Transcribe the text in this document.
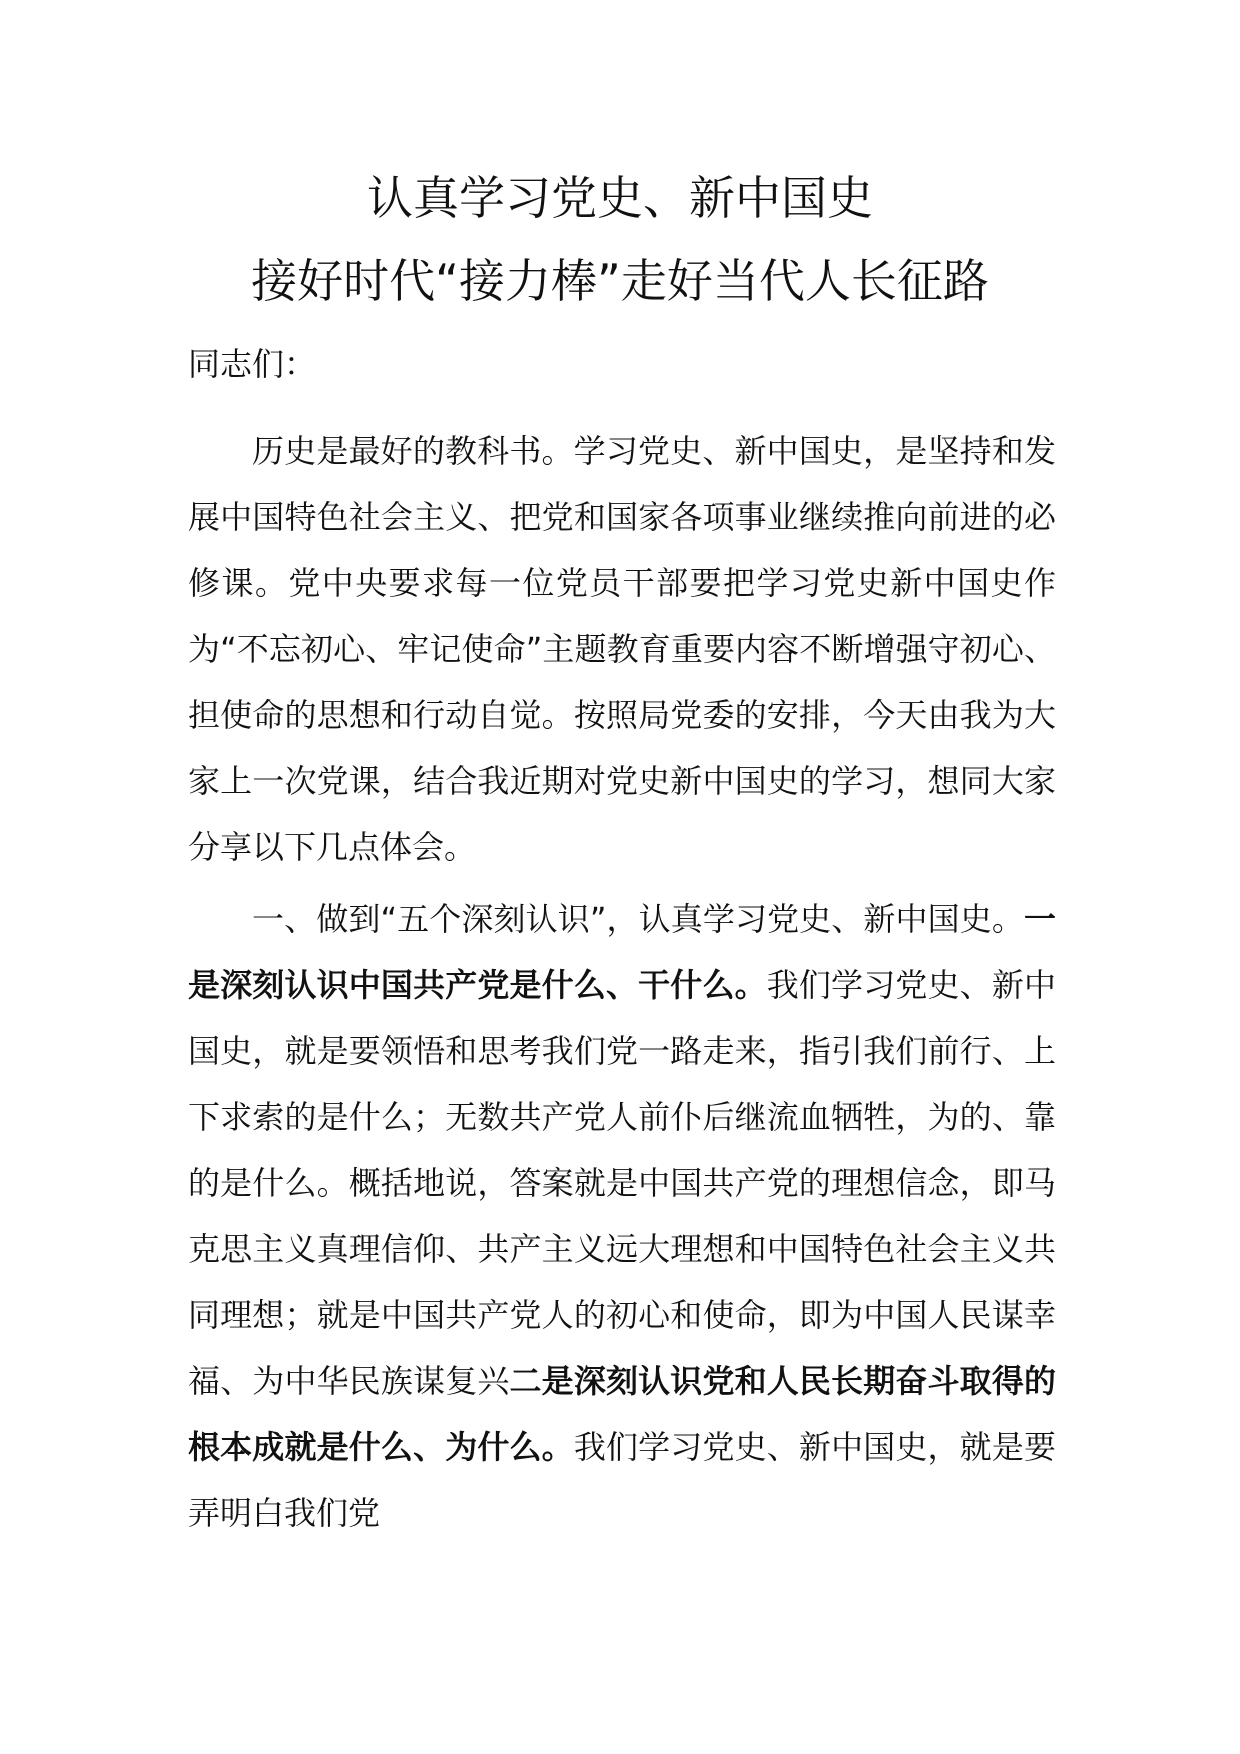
认真学习党史、新中国史
接好时代“接力棒”走好当代人长征路

同志们：

历史是最好的教科书。学习党史、新中国史，是坚持和发展中国特色社会主义、把党和国家各项事业继续推向前进的必修课。党中央要求每一位党员干部要把学习党史新中国史作为“不忘初心、牢记使命”主题教育重要内容不断增强守初心、担使命的思想和行动自觉。按照局党委的安排，今天由我为大家上一次党课，结合我近期对党史新中国史的学习，想同大家分享以下几点体会。

一、做到“五个深刻认识”，认真学习党史、新中国史。一是深刻认识中国共产党是什么、干什么。我们学习党史、新中国史，就是要领悟和思考我们党一路走来，指引我们前行、上下求索的是什么；无数共产党人前仆后继流血牺牲，为的、靠的是什么。概括地说，答案就是中国共产党的理想信念，即马克思主义真理信仰、共产主义远大理想和中国特色社会主义共同理想；就是中国共产党人的初心和使命，即为中国人民谋幸福、为中华民族谋复兴二是深刻认识党和人民长期奋斗取得的根本成就是什么、为什么。我们学习党史、新中国史，就是要弄明白我们党
